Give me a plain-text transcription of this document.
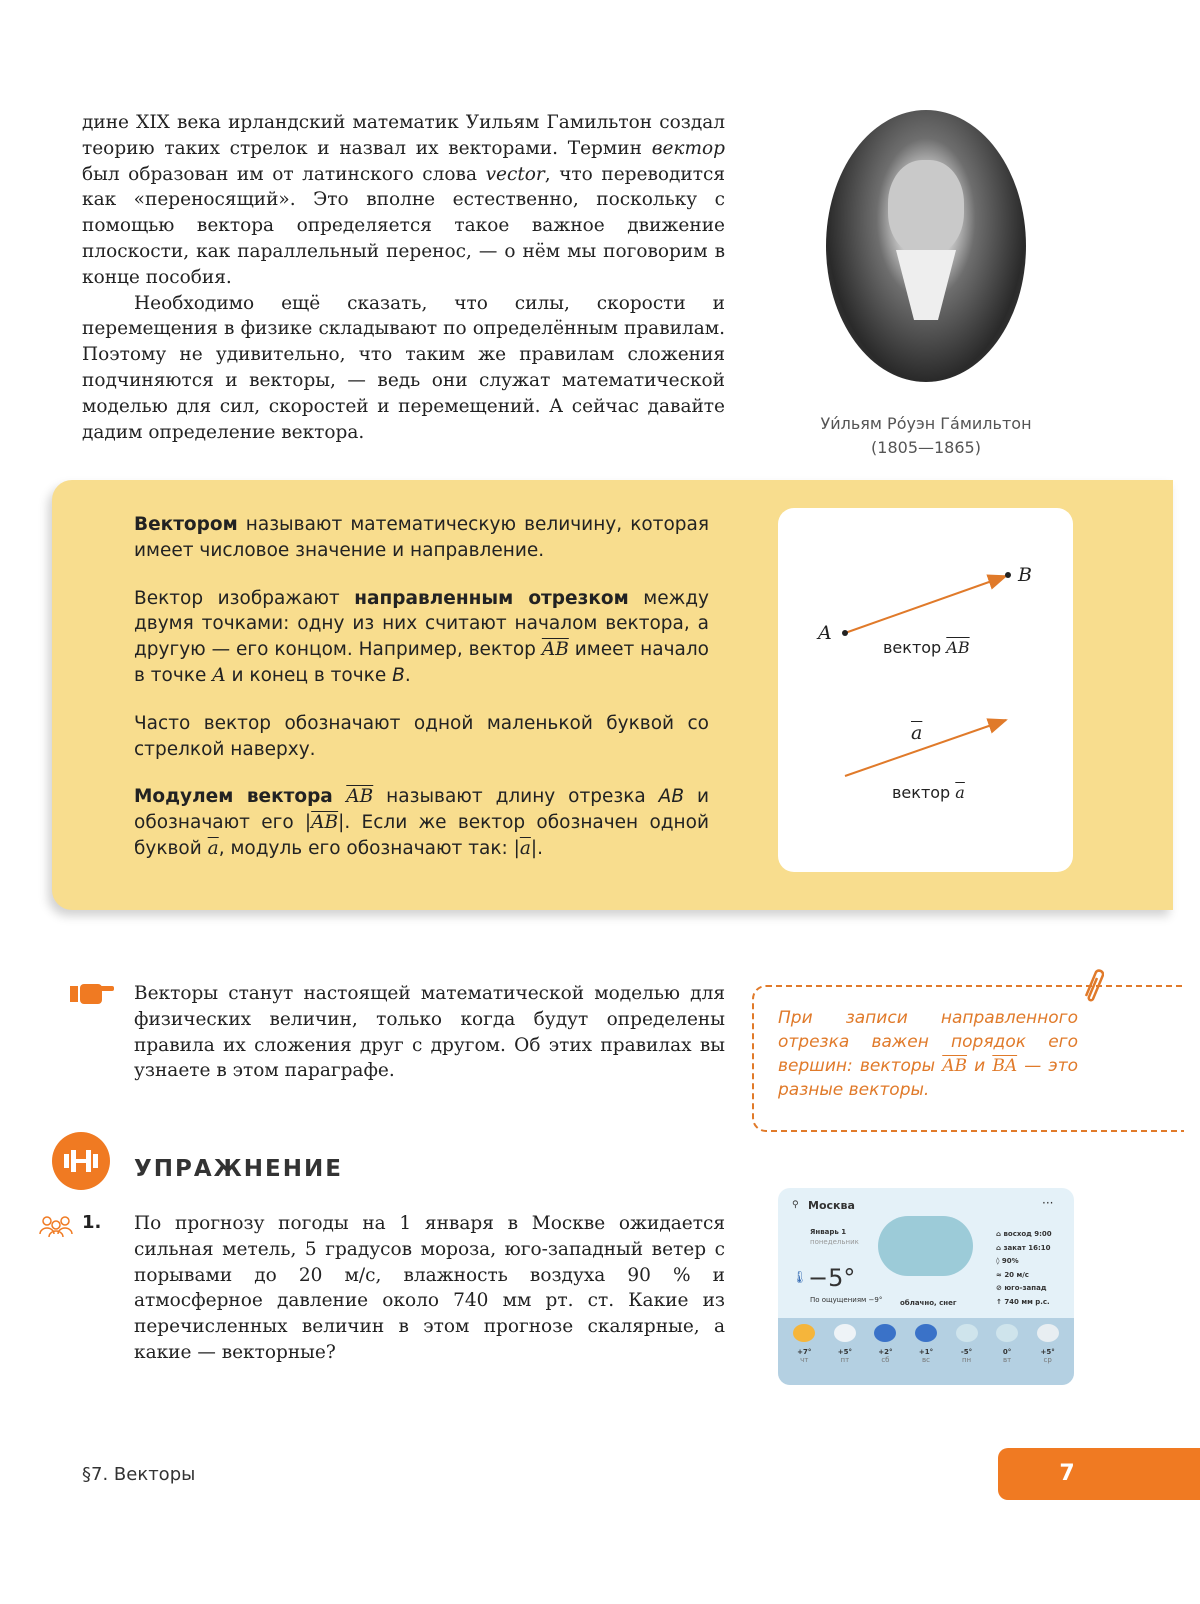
дине XIX века ирландский математик Уильям Гамильтон создал теорию таких стрелок и назвал их векторами. Термин вектор был образован им от латинского слова vector, что переводится как «переносящий». Это вполне естественно, поскольку с помощью вектора определяется такое важное движение плоскости, как параллельный перенос, — о нём мы поговорим в конце пособия.

Необходимо ещё сказать, что силы, скорости и перемещения в физике складывают по определённым правилам. Поэтому не удивительно, что таким же правилам сложения подчиняются и векторы, — ведь они служат математической моделью для сил, скоростей и перемещений. А сейчас давайте дадим определение вектора.	Уи́льям Ро́уэн Га́мильтон
(1805—1865)

Вектором называют математическую величину, которая имеет числовое значение и направление.

Вектор изображают направленным отрезком между двумя точками: одну из них считают началом вектора, а другую — его концом. Например, вектор $\overline{AB}$ имеет начало в точке A и конец в точке B.

Часто вектор обозначают одной маленькой буквой со стрелкой наверху.

Модулем вектора $\overline{AB}$ называют длину отрезка AB и обозначают его $|\overline{AB}|$. Если же вектор обозначен одной буквой $\overline{a}$, модуль его обозначают так: $|\overline{a}|$.

A
B
вектор $\overline{AB}$
$\overline{a}$
вектор $\overline{a}$
Векторы станут настоящей математической моделью для физических величин, только когда будут определены правила их сложения друг с другом. Об этих правилах вы узнаете в этом параграфе.
При записи направленного отрезка важен порядок его вершин: векторы $\overline{AB}$ и $\overline{BA}$ — это разные векторы.
УПРАЖНЕНИЕ
1. По прогнозу погоды на 1 января в Москве ожидается сильная метель, 5 градусов мороза, юго-западный ветер с порывами до 20 м/с, влажность воздуха 90 % и атмосферное давление около 740 мм рт. ст. Какие из перечисленных величин в этом прогнозе скалярные, а какие — векторные?
⚲ Москва	···
Январь 1
понедельник
🌡 −5°
По ощущениям −9°	облачно, снег
⌂ восход 9:00
⌂ закат 16:10
◊ 90%
≈ 20 м/с
⊘ юго-запад
↑ 740 мм р.с.
+7°
чт
+5°
пт
+2°
сб
+1°
вс
-5°
пн
0°
вт
+5°
ср
§7. Векторы	7
